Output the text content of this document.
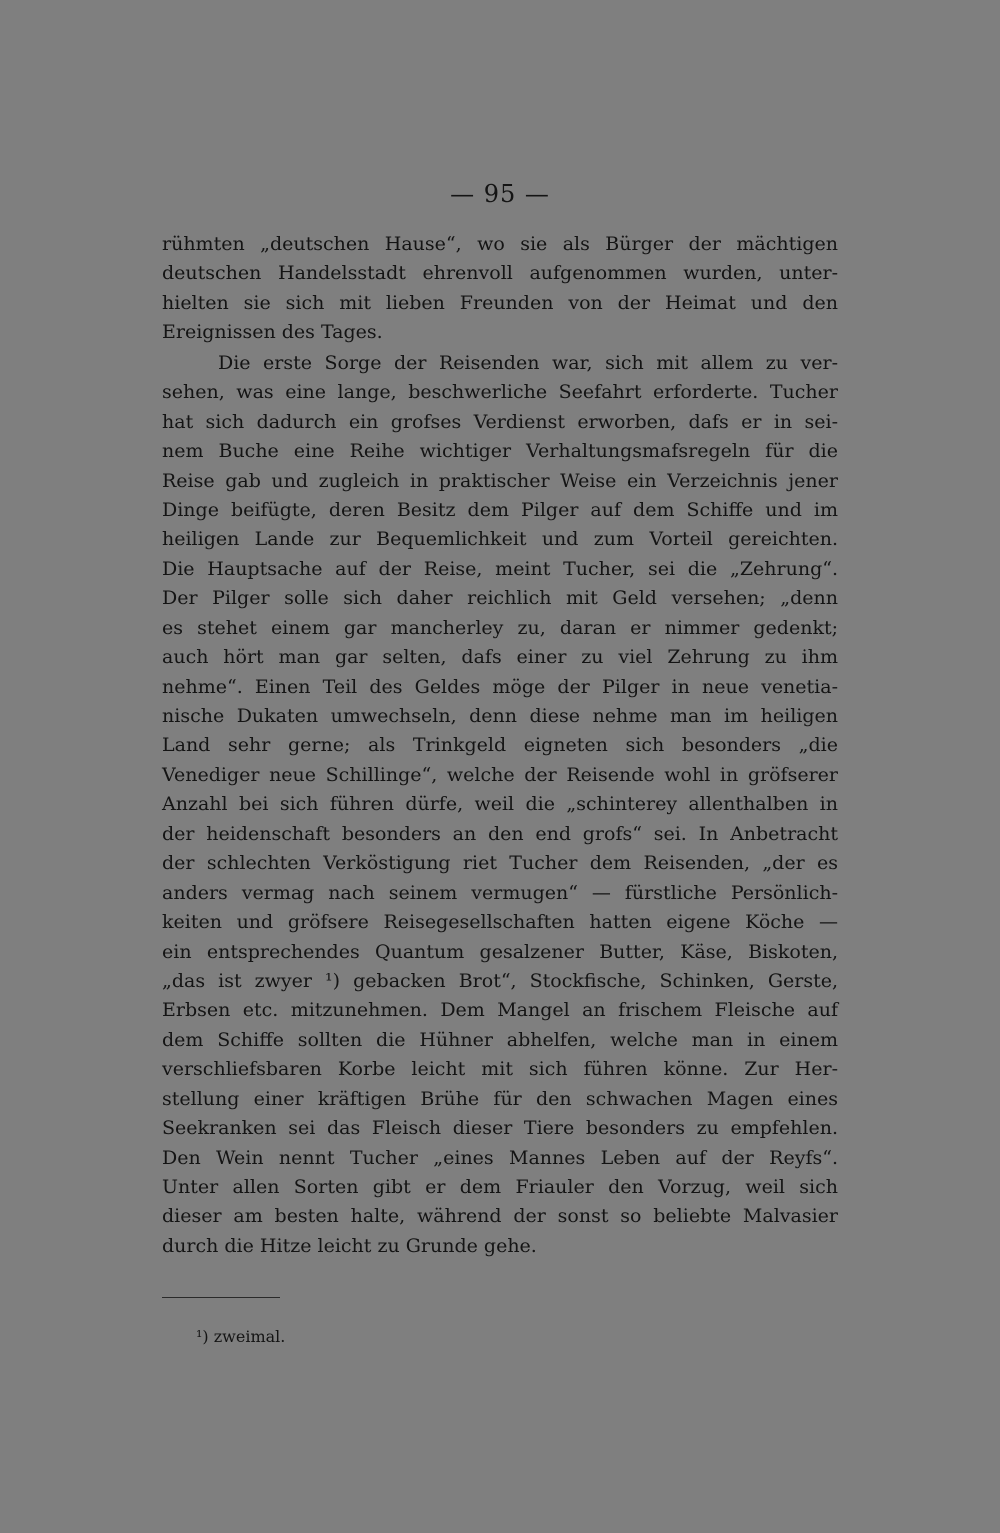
— 95 —
rühmten „deutschen Hause“, wo sie als Bürger der mächtigen
deutschen Handelsstadt ehrenvoll aufgenommen wurden, unter-
hielten sie sich mit lieben Freunden von der Heimat und den
Ereignissen des Tages.
Die erste Sorge der Reisenden war, sich mit allem zu ver-
sehen, was eine lange, beschwerliche Seefahrt erforderte. Tucher
hat sich dadurch ein grofses Verdienst erworben, dafs er in sei-
nem Buche eine Reihe wichtiger Verhaltungsmafsregeln für die
Reise gab und zugleich in praktischer Weise ein Verzeichnis jener
Dinge beifügte, deren Besitz dem Pilger auf dem Schiffe und im
heiligen Lande zur Bequemlichkeit und zum Vorteil gereichten.
Die Hauptsache auf der Reise, meint Tucher, sei die „Zehrung“.
Der Pilger solle sich daher reichlich mit Geld versehen; „denn
es stehet einem gar mancherley zu, daran er nimmer gedenkt;
auch hört man gar selten, dafs einer zu viel Zehrung zu ihm
nehme“. Einen Teil des Geldes möge der Pilger in neue venetia-
nische Dukaten umwechseln, denn diese nehme man im heiligen
Land sehr gerne; als Trinkgeld eigneten sich besonders „die
Venediger neue Schillinge“, welche der Reisende wohl in gröfserer
Anzahl bei sich führen dürfe, weil die „schinterey allenthalben in
der heidenschaft besonders an den end grofs“ sei. In Anbetracht
der schlechten Verköstigung riet Tucher dem Reisenden, „der es
anders vermag nach seinem vermugen“ — fürstliche Persönlich-
keiten und gröfsere Reisegesellschaften hatten eigene Köche —
ein entsprechendes Quantum gesalzener Butter, Käse, Biskoten,
„das ist zwyer ¹) gebacken Brot“, Stockfische, Schinken, Gerste,
Erbsen etc. mitzunehmen. Dem Mangel an frischem Fleische auf
dem Schiffe sollten die Hühner abhelfen, welche man in einem
verschliefsbaren Korbe leicht mit sich führen könne. Zur Her-
stellung einer kräftigen Brühe für den schwachen Magen eines
Seekranken sei das Fleisch dieser Tiere besonders zu empfehlen.
Den Wein nennt Tucher „eines Mannes Leben auf der Reyfs“.
Unter allen Sorten gibt er dem Friauler den Vorzug, weil sich
dieser am besten halte, während der sonst so beliebte Malvasier
durch die Hitze leicht zu Grunde gehe.
¹) zweimal.
